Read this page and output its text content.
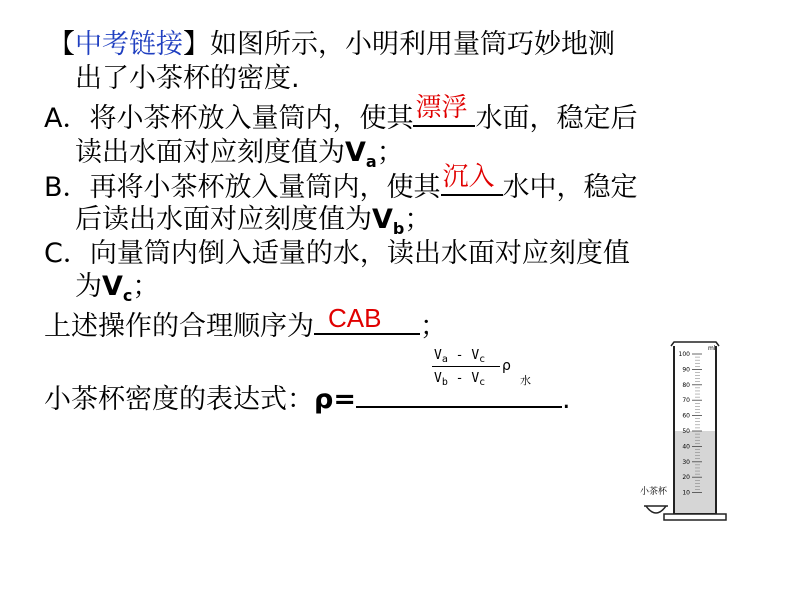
【中考链接】如图所示，小明利用量筒巧妙地测
出了小茶杯的密度.
A．将小茶杯放入量筒内，使其 漂浮 水面，稳定后
读出水面对应刻度值为$V_a$；
B．再将小茶杯放入量筒内，使其 沉入 水中，稳定
后读出水面对应刻度值为$V_b$；
C．向量筒内倒入适量的水，读出水面对应刻度值
为$V_c$；
上述操作的合理顺序为 CAB ；
小茶杯密度的表达式：ρ=	.
$V_a - V_c$
$V_b - V_c$
ρ
水
100
90
80
70
60
50
40
30
20
10
ml
小茶杯
